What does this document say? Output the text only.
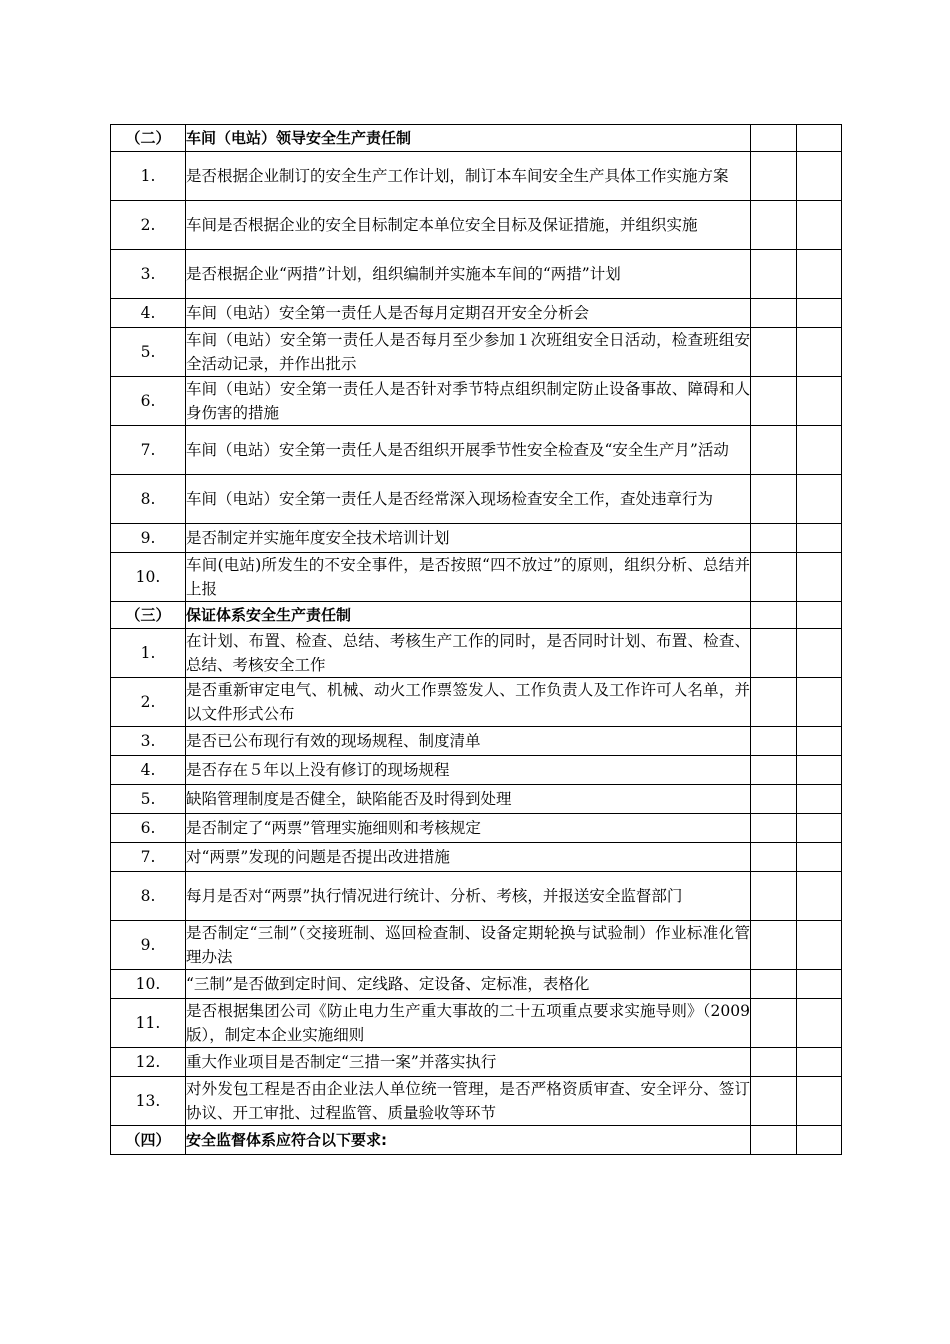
（二）	车间（电站）领导安全生产责任制		
1.	是否根据企业制订的安全生产工作计划，制订本车间安全生产具体工作实施方案		
2.	车间是否根据企业的安全目标制定本单位安全目标及保证措施，并组织实施		
3.	是否根据企业“两措”计划，组织编制并实施本车间的“两措”计划		
4.	车间（电站）安全第一责任人是否每月定期召开安全分析会		
5.	车间（电站）安全第一责任人是否每月至少参加１次班组安全日活动，检查班组安全活动记录，并作出批示		
6.	车间（电站）安全第一责任人是否针对季节特点组织制定防止设备事故、障碍和人身伤害的措施		
7.	车间（电站）安全第一责任人是否组织开展季节性安全检查及“安全生产月”活动		
8.	车间（电站）安全第一责任人是否经常深入现场检查安全工作，查处违章行为		
9.	是否制定并实施年度安全技术培训计划		
10.	车间(电站)所发生的不安全事件，是否按照“四不放过”的原则，组织分析、总结并上报		
（三）	保证体系安全生产责任制		
1.	在计划、布置、检查、总结、考核生产工作的同时，是否同时计划、布置、检查、总结、考核安全工作		
2.	是否重新审定电气、机械、动火工作票签发人、工作负责人及工作许可人名单，并以文件形式公布		
3.	是否已公布现行有效的现场规程、制度清单		
4.	是否存在５年以上没有修订的现场规程		
5.	缺陷管理制度是否健全，缺陷能否及时得到处理		
6.	是否制定了“两票”管理实施细则和考核规定		
7.	对“两票”发现的问题是否提出改进措施		
8.	每月是否对“两票”执行情况进行统计、分析、考核，并报送安全监督部门		
9.	是否制定“三制”（交接班制、巡回检查制、设备定期轮换与试验制）作业标准化管理办法		
10.	“三制”是否做到定时间、定线路、定设备、定标准，表格化		
11.	是否根据集团公司《防止电力生产重大事故的二十五项重点要求实施导则》（2009版），制定本企业实施细则		
12.	重大作业项目是否制定“三措一案”并落实执行		
13.	对外发包工程是否由企业法人单位统一管理，是否严格资质审查、安全评分、签订协议、开工审批、过程监管、质量验收等环节		
（四）	安全监督体系应符合以下要求:		
